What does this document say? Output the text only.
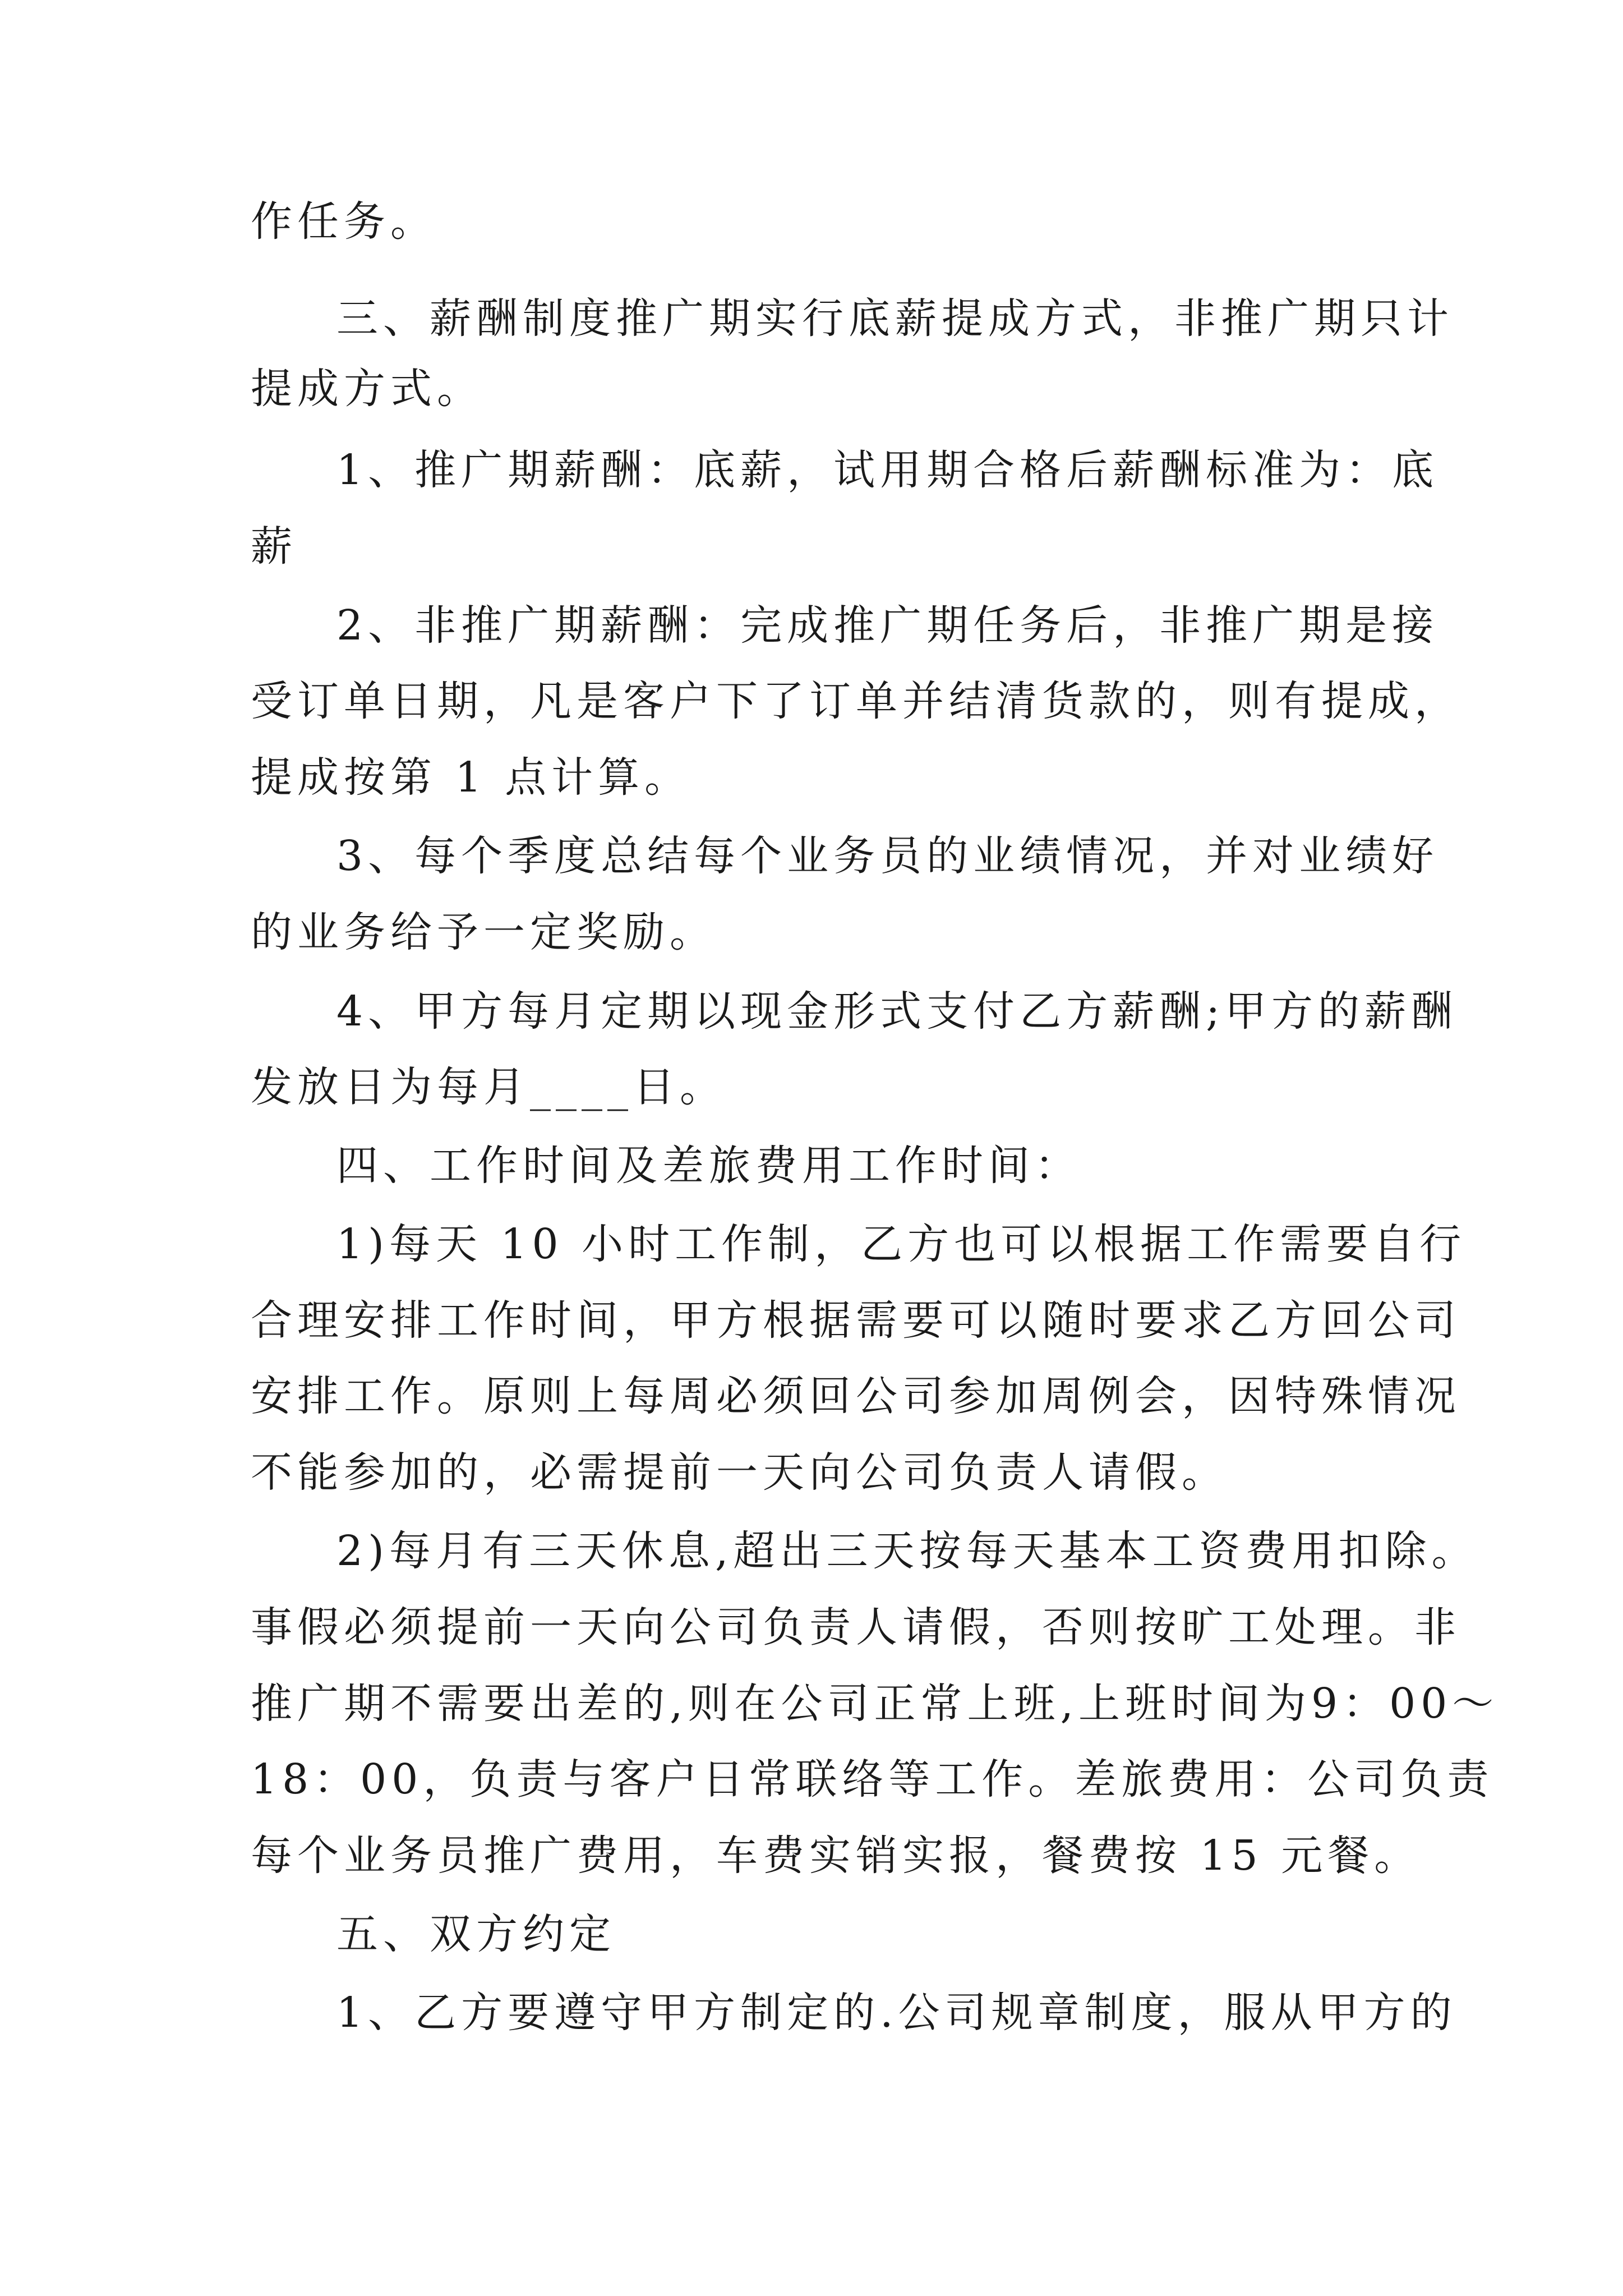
作任务。
三、薪酬制度推广期实行底薪提成方式，非推广期只计
提成方式。
1、推广期薪酬：底薪，试用期合格后薪酬标准为：底
薪
2、非推广期薪酬：完成推广期任务后，非推广期是接
受订单日期，凡是客户下了订单并结清货款的，则有提成，
提成按第 1 点计算。
3、每个季度总结每个业务员的业绩情况，并对业绩好
的业务给予一定奖励。
4、甲方每月定期以现金形式支付乙方薪酬;甲方的薪酬
发放日为每月____日。
四、工作时间及差旅费用工作时间：
1)每天 10 小时工作制，乙方也可以根据工作需要自行
合理安排工作时间，甲方根据需要可以随时要求乙方回公司
安排工作。原则上每周必须回公司参加周例会，因特殊情况
不能参加的，必需提前一天向公司负责人请假。
2)每月有三天休息,超出三天按每天基本工资费用扣除。
事假必须提前一天向公司负责人请假，否则按旷工处理。非
推广期不需要出差的,则在公司正常上班,上班时间为9：00～
18：00，负责与客户日常联络等工作。差旅费用：公司负责
每个业务员推广费用，车费实销实报，餐费按 15 元餐。
五、双方约定
1、乙方要遵守甲方制定的.公司规章制度，服从甲方的
